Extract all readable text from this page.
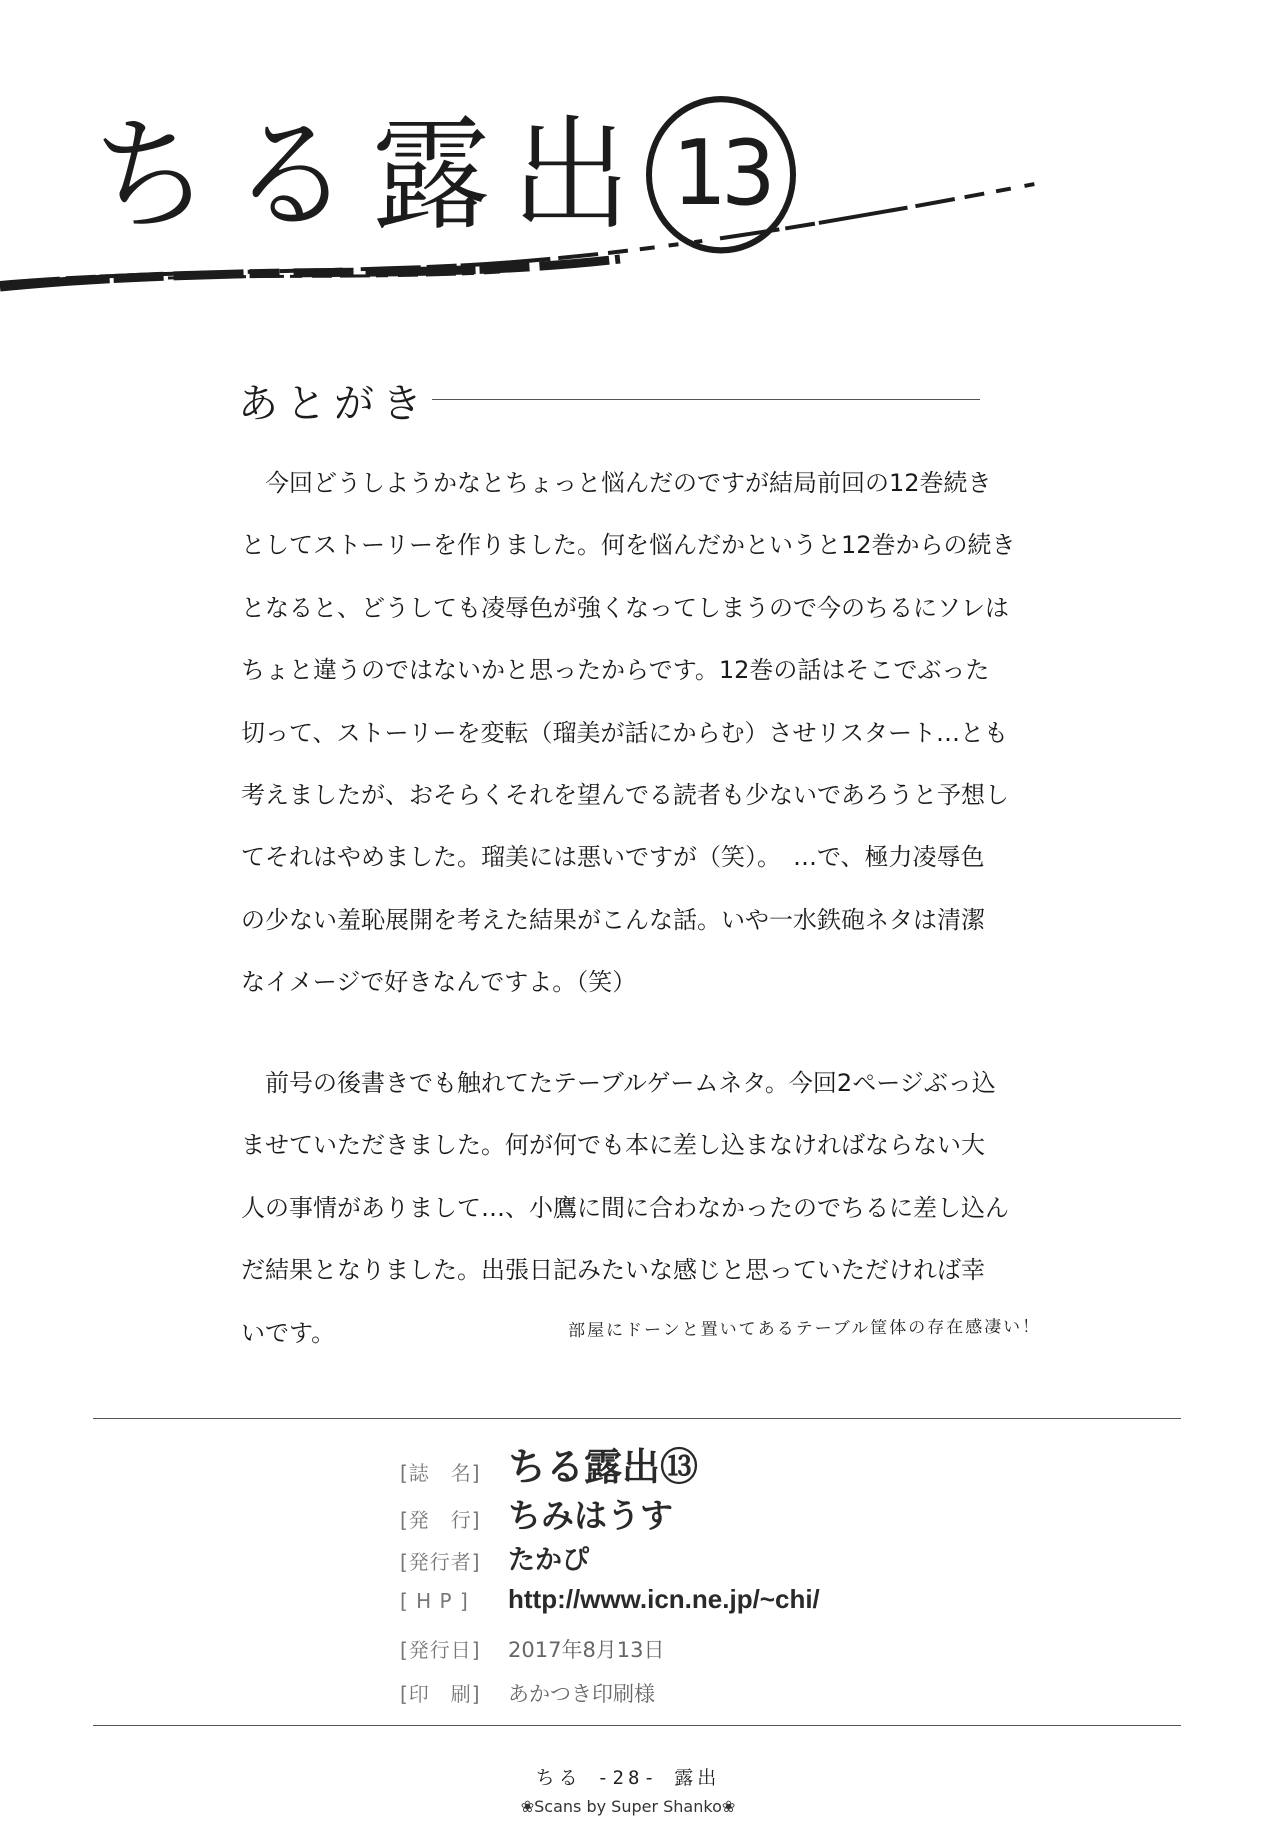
ちる露出 13
あとがき
　今回どうしようかなとちょっと悩んだのですが結局前回の12巻続き
としてストーリーを作りました。何を悩んだかというと12巻からの続き
となると、どうしても凌辱色が強くなってしまうので今のちるにソレは
ちょと違うのではないかと思ったからです。12巻の話はそこでぶった
切って、ストーリーを変転（瑠美が話にからむ）させリスタート…とも
考えましたが、おそらくそれを望んでる読者も少ないであろうと予想し
てそれはやめました。瑠美には悪いですが（笑）。　…で、極力凌辱色
の少ない羞恥展開を考えた結果がこんな話。いや一水鉄砲ネタは清潔
なイメージで好きなんですよ。（笑）
　前号の後書きでも触れてたテーブルゲームネタ。今回2ページぶっ込
ませていただきました。何が何でも本に差し込まなければならない大
人の事情がありまして…、小鷹に間に合わなかったのでちるに差し込ん
だ結果となりました。出張日記みたいな感じと思っていただければ幸
いです。	部屋にドーンと置いてあるテーブル筐体の存在感凄い！
[誌　名] ちる露出⑬
[発　行] ちみはうす
[発行者]	たかぴ
[ H P ]	http://www.icn.ne.jp/~chi/
[発行日]	2017年8月13日
[印　刷]	あかつき印刷様
ちる -28- 露出
❀Scans by Super Shanko❀
